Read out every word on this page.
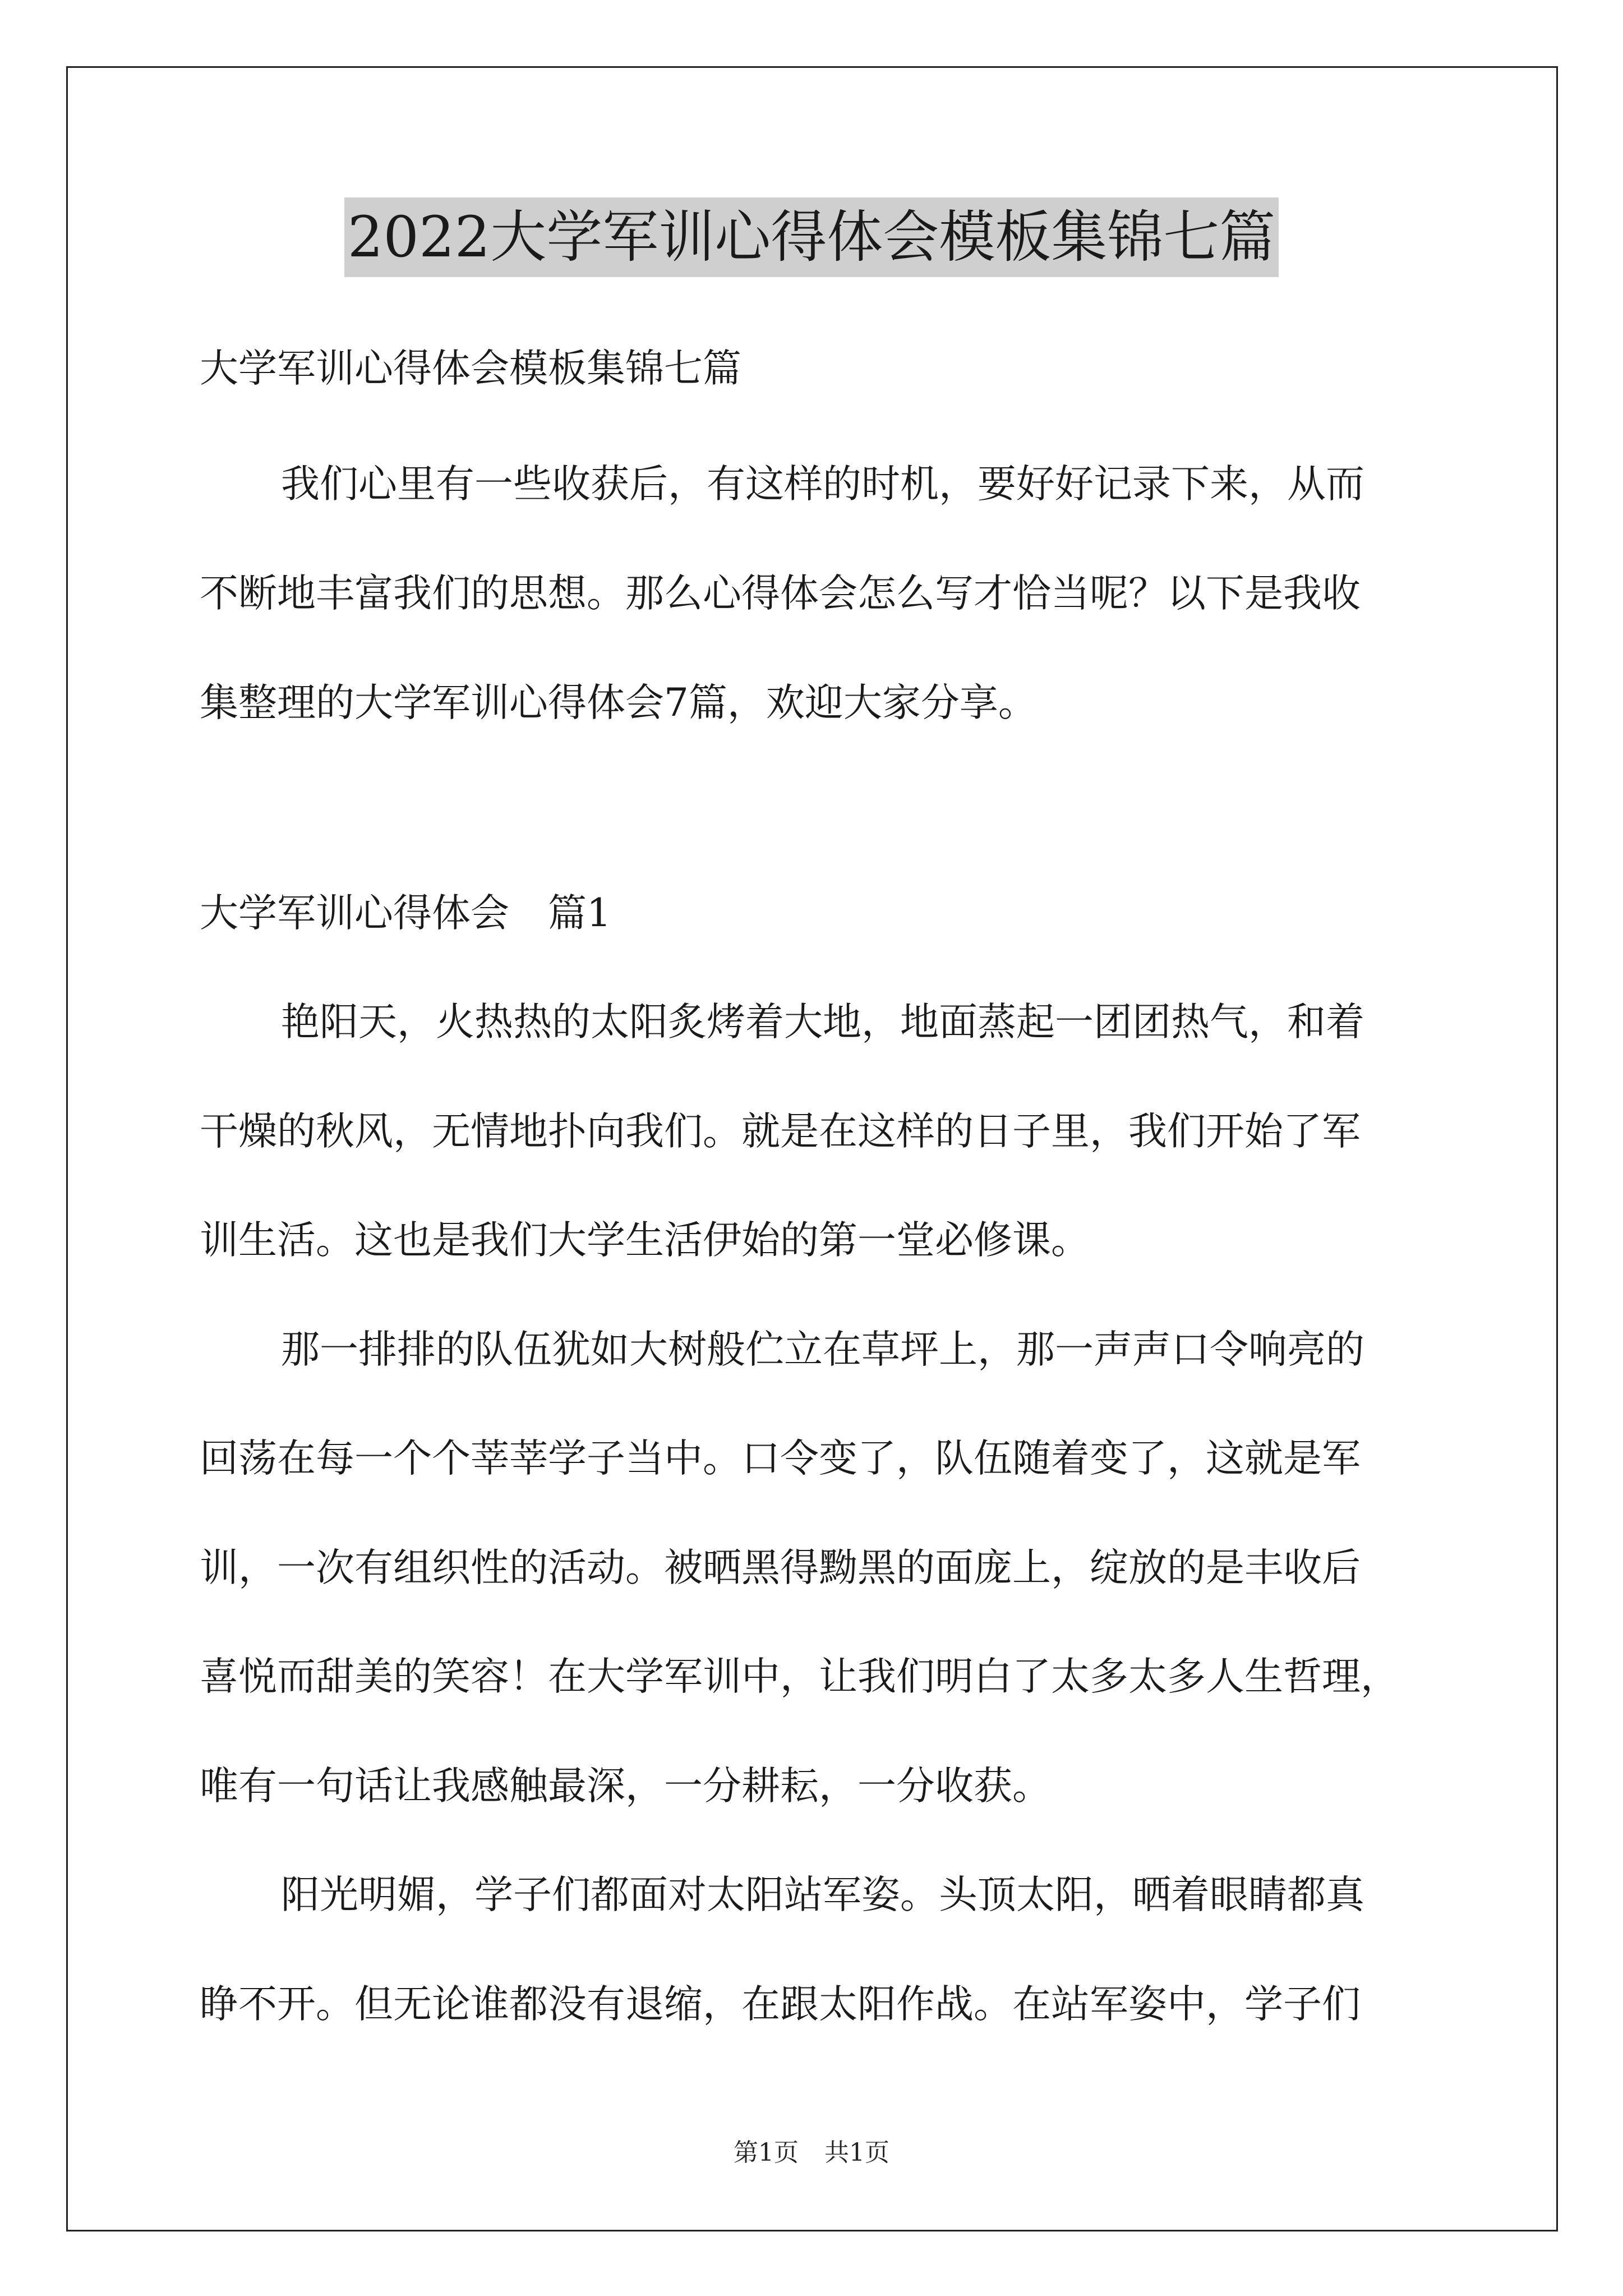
2022大学军训心得体会模板集锦七篇
大学军训心得体会模板集锦七篇
我们心里有一些收获后，有这样的时机，要好好记录下来，从而
不断地丰富我们的思想。那么心得体会怎么写才恰当呢？以下是我收
集整理的大学军训心得体会7篇，欢迎大家分享。
大学军训心得体会　篇1
艳阳天，火热热的太阳炙烤着大地，地面蒸起一团团热气，和着
干燥的秋风，无情地扑向我们。就是在这样的日子里，我们开始了军
训生活。这也是我们大学生活伊始的第一堂必修课。
那一排排的队伍犹如大树般伫立在草坪上，那一声声口令响亮的
回荡在每一个个莘莘学子当中。口令变了，队伍随着变了，这就是军
训，一次有组织性的活动。被晒黑得黝黑的面庞上，绽放的是丰收后
喜悦而甜美的笑容！在大学军训中，让我们明白了太多太多人生哲理，
唯有一句话让我感触最深，一分耕耘，一分收获。
阳光明媚，学子们都面对太阳站军姿。头顶太阳，晒着眼睛都真
睁不开。但无论谁都没有退缩，在跟太阳作战。在站军姿中，学子们
第1页 共1页
